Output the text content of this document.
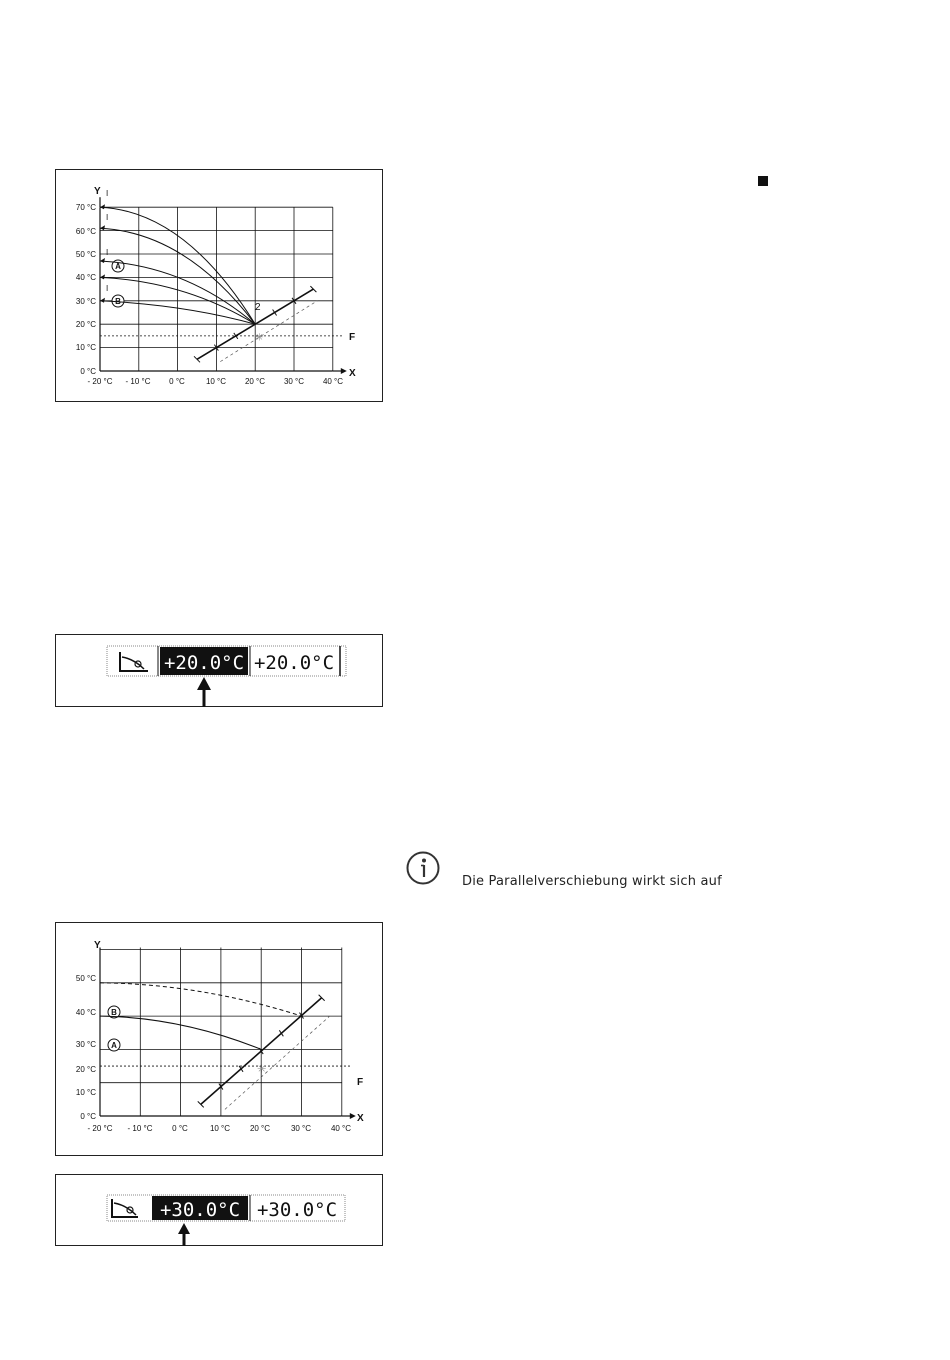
Y
X
F
0 °C
10 °C
20 °C
30 °C
40 °C
50 °C
60 °C
70 °C
- 20 °C - 10 °C 0 °C	10 °C 20 °C 30 °C 40 °C
I
I
I
I
A
B
2
✳
+20.0°C +20.0°C
Y
X
F
0 °C
10 °C
20 °C
30 °C
40 °C
50 °C
- 20 °C - 10 °C 0 °C	10 °C 20 °C	30 °C 40 °C
B
A
✳
+30.0°C +30.0°C
Die Parallelverschiebung wirkt sich auf
